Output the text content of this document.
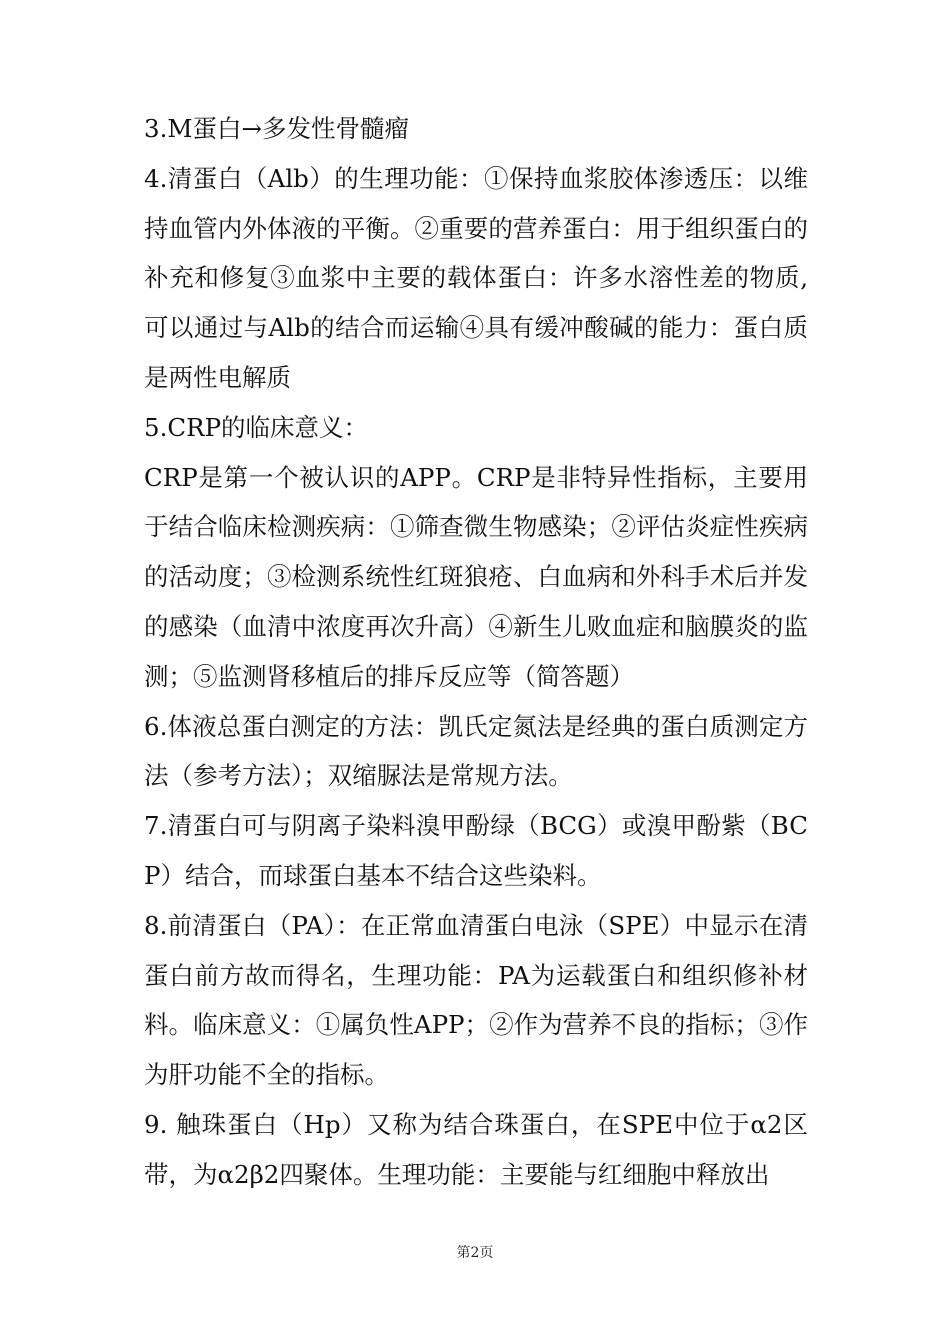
3.M蛋白→多发性骨髓瘤

4.清蛋白（Alb）的生理功能：①保持血浆胶体渗透压：以维持血管内外体液的平衡。②重要的营养蛋白：用于组织蛋白的补充和修复③血浆中主要的载体蛋白：许多水溶性差的物质,可以通过与Alb的结合而运输④具有缓冲酸碱的能力：蛋白质是两性电解质

5.CRP的临床意义：

CRP是第一个被认识的APP。CRP是非特异性指标，主要用于结合临床检测疾病：①筛查微生物感染；②评估炎症性疾病的活动度；③检测系统性红斑狼疮、白血病和外科手术后并发的感染（血清中浓度再次升高）④新生儿败血症和脑膜炎的监测；⑤监测肾移植后的排斥反应等（简答题）

6.体液总蛋白测定的方法：凯氏定氮法是经典的蛋白质测定方法（参考方法）；双缩脲法是常规方法。

7.清蛋白可与阴离子染料溴甲酚绿（BCG）或溴甲酚紫（BCP）结合，而球蛋白基本不结合这些染料。

8.前清蛋白（PA）：在正常血清蛋白电泳（SPE）中显示在清蛋白前方故而得名，生理功能：PA为运载蛋白和组织修补材料。临床意义：①属负性APP；②作为营养不良的指标；③作为肝功能不全的指标。

9. 触珠蛋白（Hp）又称为结合珠蛋白，在SPE中位于α2区带，为α2β2四聚体。生理功能：主要能与红细胞中释放出

第2页
